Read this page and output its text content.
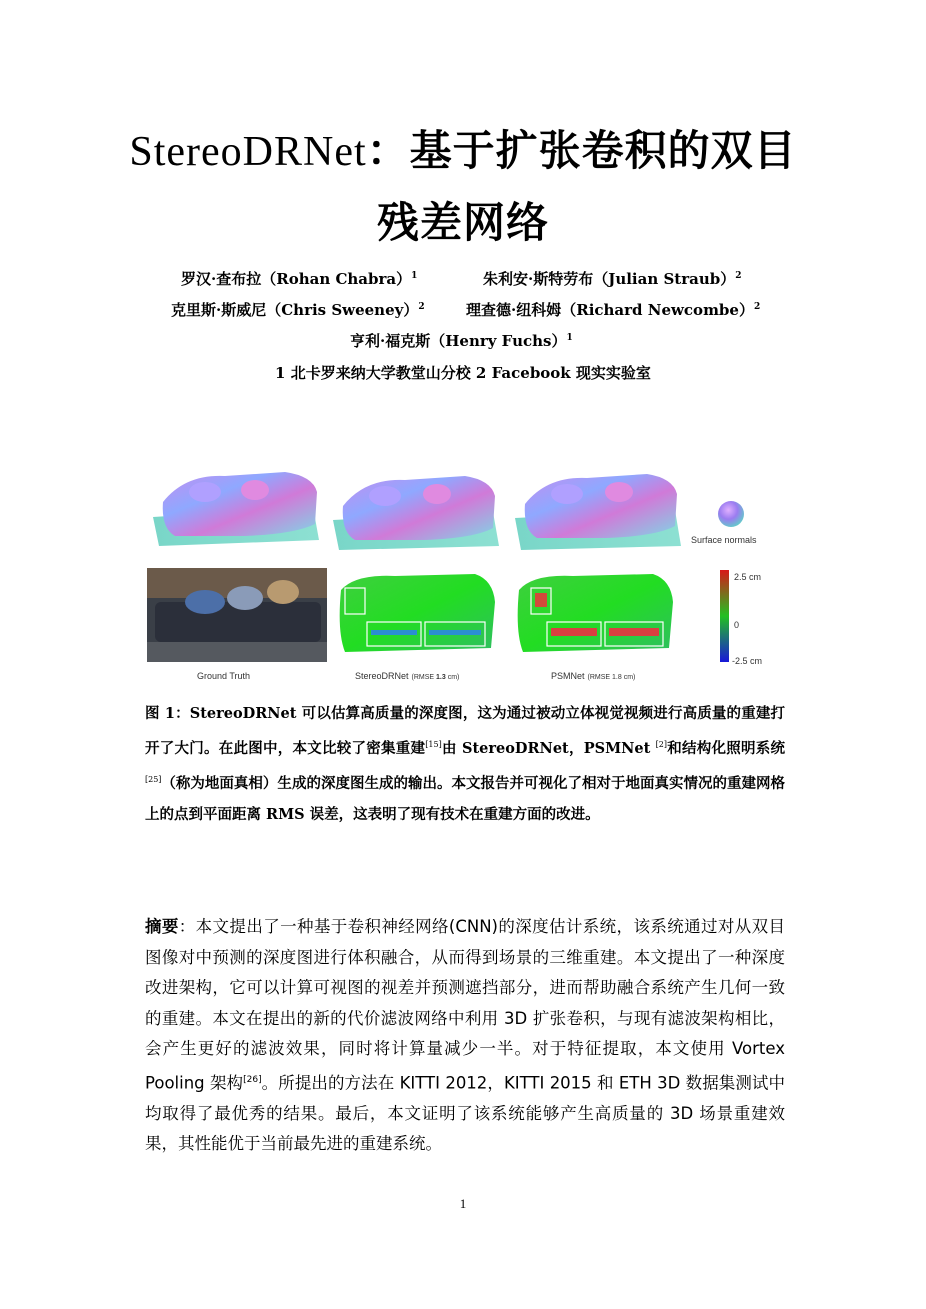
StereoDRNet：基于扩张卷积的双目
残差网络
罗汉·查布拉（Rohan Chabra）$^1$	朱利安·斯特劳布（Julian Straub）$^2$
克里斯·斯威尼（Chris Sweeney）$^2$	理查德·纽科姆（Richard Newcombe）$^2$
亨利·福克斯（Henry Fuchs）$^1$
1 北卡罗来纳大学教堂山分校 2 Facebook 现实实验室
Surface normals
Ground Truth	StereoDRNet (RMSE 1.3 cm)	PSMNet (RMSE 1.8 cm)
2.5 cm
0
-2.5 cm
图 1：StereoDRNet 可以估算高质量的深度图，这为通过被动立体视觉视频进行高质量的重建打开了大门。在此图中，本文比较了密集重建[15]由 StereoDRNet，PSMNet [2]和结构化照明系统[25]（称为地面真相）生成的深度图生成的输出。本文报告并可视化了相对于地面真实情况的重建网格上的点到平面距离 RMS 误差，这表明了现有技术在重建方面的改进。
摘要：本文提出了一种基于卷积神经网络(CNN)的深度估计系统，该系统通过对从双目图像对中预测的深度图进行体积融合，从而得到场景的三维重建。本文提出了一种深度改进架构，它可以计算可视图的视差并预测遮挡部分，进而帮助融合系统产生几何一致的重建。本文在提出的新的代价滤波网络中利用 3D 扩张卷积，与现有滤波架构相比，会产生更好的滤波效果，同时将计算量减少一半。对于特征提取，本文使用 Vortex Pooling 架构[26]。所提出的方法在 KITTI 2012，KITTI 2015 和 ETH 3D 数据集测试中均取得了最优秀的结果。最后，本文证明了该系统能够产生高质量的 3D 场景重建效果，其性能优于当前最先进的重建系统。
1
